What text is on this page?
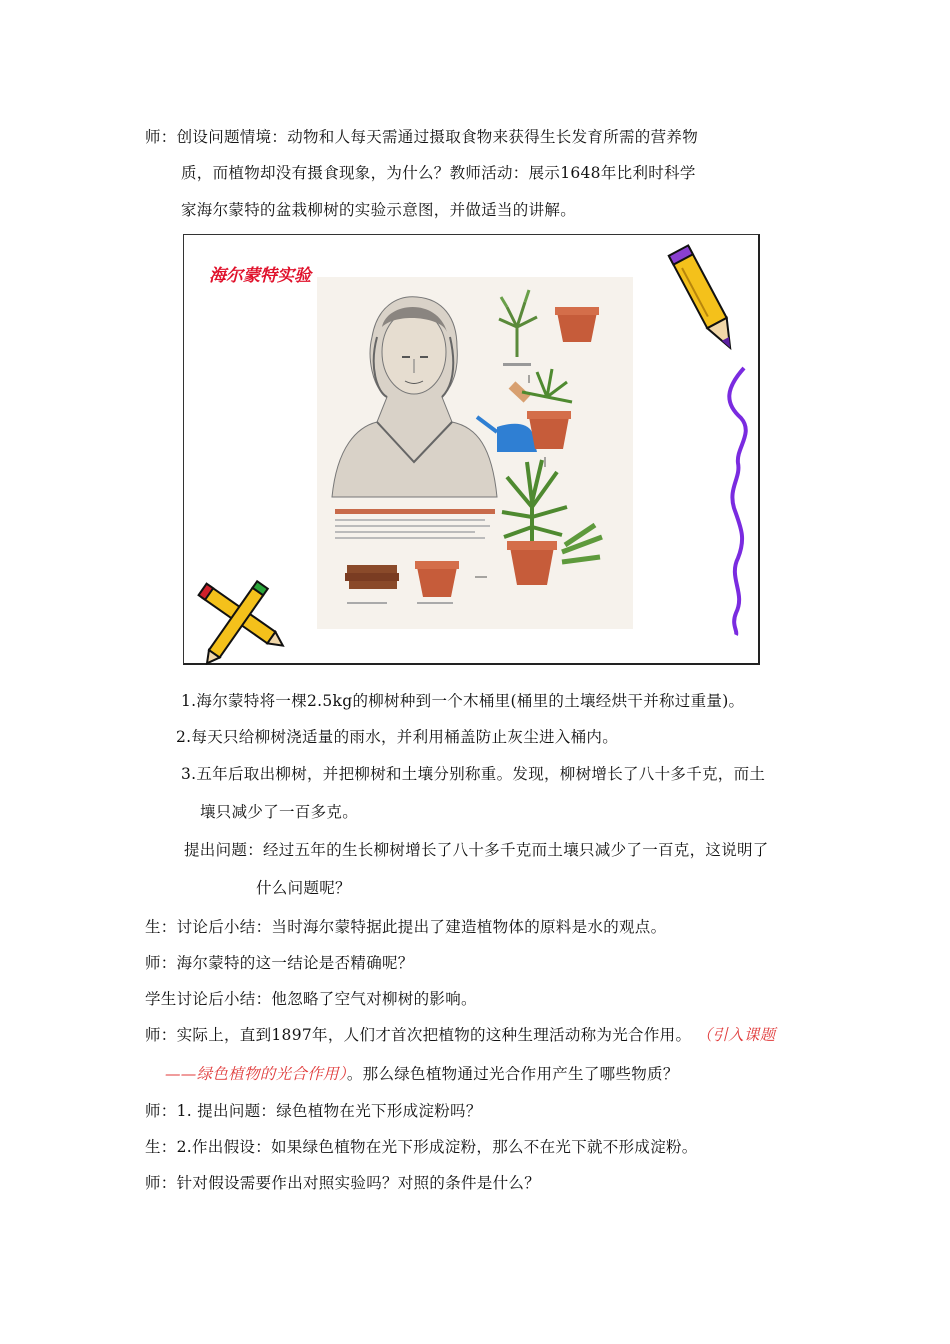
师：创设问题情境：动物和人每天需通过摄取食物来获得生长发育所需的营养物
质，而植物却没有摄食现象，为什么？教师活动：展示1648年比利时科学
家海尔蒙特的盆栽柳树的实验示意图，并做适当的讲解。
海尔蒙特实验
1.海尔蒙特将一棵2.5kg的柳树种到一个木桶里(桶里的土壤经烘干并称过重量)。
2.每天只给柳树浇适量的雨水，并利用桶盖防止灰尘进入桶内。
3.五年后取出柳树，并把柳树和土壤分别称重。发现，柳树增长了八十多千克，而土
壤只减少了一百多克。
提出问题：经过五年的生长柳树增长了八十多千克而土壤只减少了一百克，这说明了
什么问题呢？
生：讨论后小结：当时海尔蒙特据此提出了建造植物体的原料是水的观点。
师：海尔蒙特的这一结论是否精确呢？
学生讨论后小结：他忽略了空气对柳树的影响。
师：实际上，直到1897年，人们才首次把植物的这种生理活动称为光合作用。 （引入课题
——绿色植物的光合作用）。那么绿色植物通过光合作用产生了哪些物质？
师：1. 提出问题：绿色植物在光下形成淀粉吗？
生：2.作出假设：如果绿色植物在光下形成淀粉，那么不在光下就不形成淀粉。
师：针对假设需要作出对照实验吗？对照的条件是什么？
